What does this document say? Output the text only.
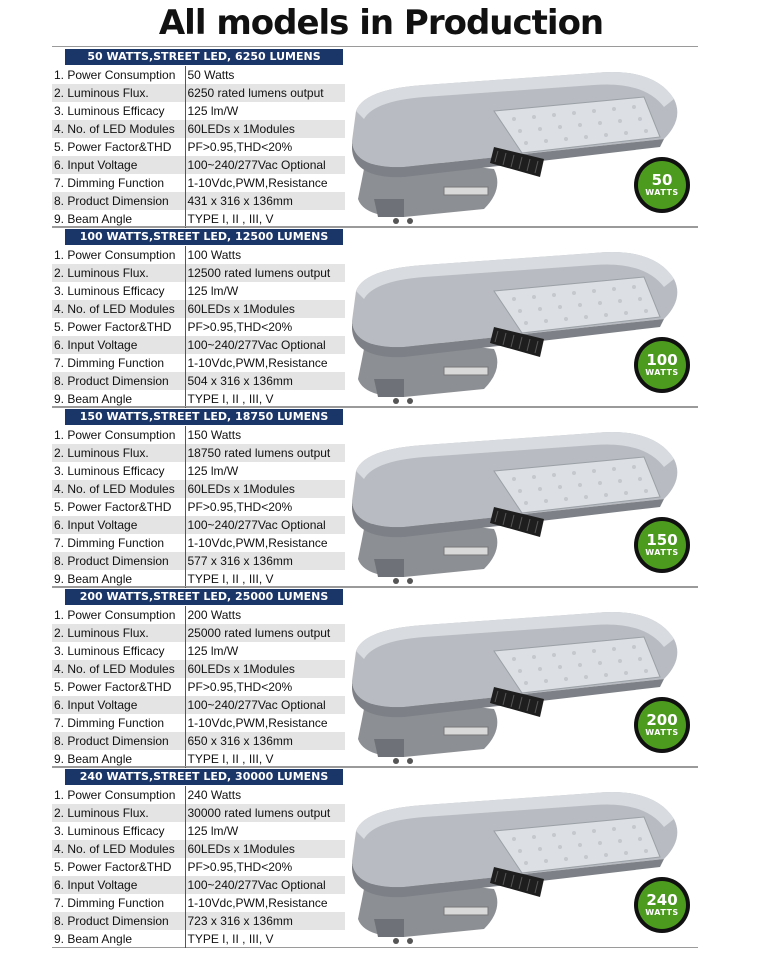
All models in Production
50 WATTS,STREET LED, 6250 LUMENS
1. Power Consumption	50 Watts
2. Luminous Flux.	6250 rated lumens output
3. Luminous Efficacy	125 lm/W
4. No. of LED Modules	60LEDs x 1Modules
5. Power Factor&THD	PF>0.95,THD<20%
6. Input Voltage	100~240/277Vac Optional
7. Dimming Function	1-10Vdc,PWM,Resistance
8. Product Dimension	431 x 316 x 136mm
9. Beam Angle	TYPE I, II , III, V
50
WATTS
100 WATTS,STREET LED, 12500 LUMENS
1. Power Consumption	100 Watts
2. Luminous Flux.	12500 rated lumens output
3. Luminous Efficacy	125 lm/W
4. No. of LED Modules	60LEDs x 1Modules
5. Power Factor&THD	PF>0.95,THD<20%
6. Input Voltage	100~240/277Vac Optional
7. Dimming Function	1-10Vdc,PWM,Resistance
8. Product Dimension	504 x 316 x 136mm
9. Beam Angle	TYPE I, II , III, V
100
WATTS
150 WATTS,STREET LED, 18750 LUMENS
1. Power Consumption	150 Watts
2. Luminous Flux.	18750 rated lumens output
3. Luminous Efficacy	125 lm/W
4. No. of LED Modules	60LEDs x 1Modules
5. Power Factor&THD	PF>0.95,THD<20%
6. Input Voltage	100~240/277Vac Optional
7. Dimming Function	1-10Vdc,PWM,Resistance
8. Product Dimension	577 x 316 x 136mm
9. Beam Angle	TYPE I, II , III, V
150
WATTS
200 WATTS,STREET LED, 25000 LUMENS
1. Power Consumption	200 Watts
2. Luminous Flux.	25000 rated lumens output
3. Luminous Efficacy	125 lm/W
4. No. of LED Modules	60LEDs x 1Modules
5. Power Factor&THD	PF>0.95,THD<20%
6. Input Voltage	100~240/277Vac Optional
7. Dimming Function	1-10Vdc,PWM,Resistance
8. Product Dimension	650 x 316 x 136mm
9. Beam Angle	TYPE I, II , III, V
200
WATTS
240 WATTS,STREET LED, 30000 LUMENS
1. Power Consumption	240 Watts
2. Luminous Flux.	30000 rated lumens output
3. Luminous Efficacy	125 lm/W
4. No. of LED Modules	60LEDs x 1Modules
5. Power Factor&THD	PF>0.95,THD<20%
6. Input Voltage	100~240/277Vac Optional
7. Dimming Function	1-10Vdc,PWM,Resistance
8. Product Dimension	723 x 316 x 136mm
9. Beam Angle	TYPE I, II , III, V
240
WATTS
